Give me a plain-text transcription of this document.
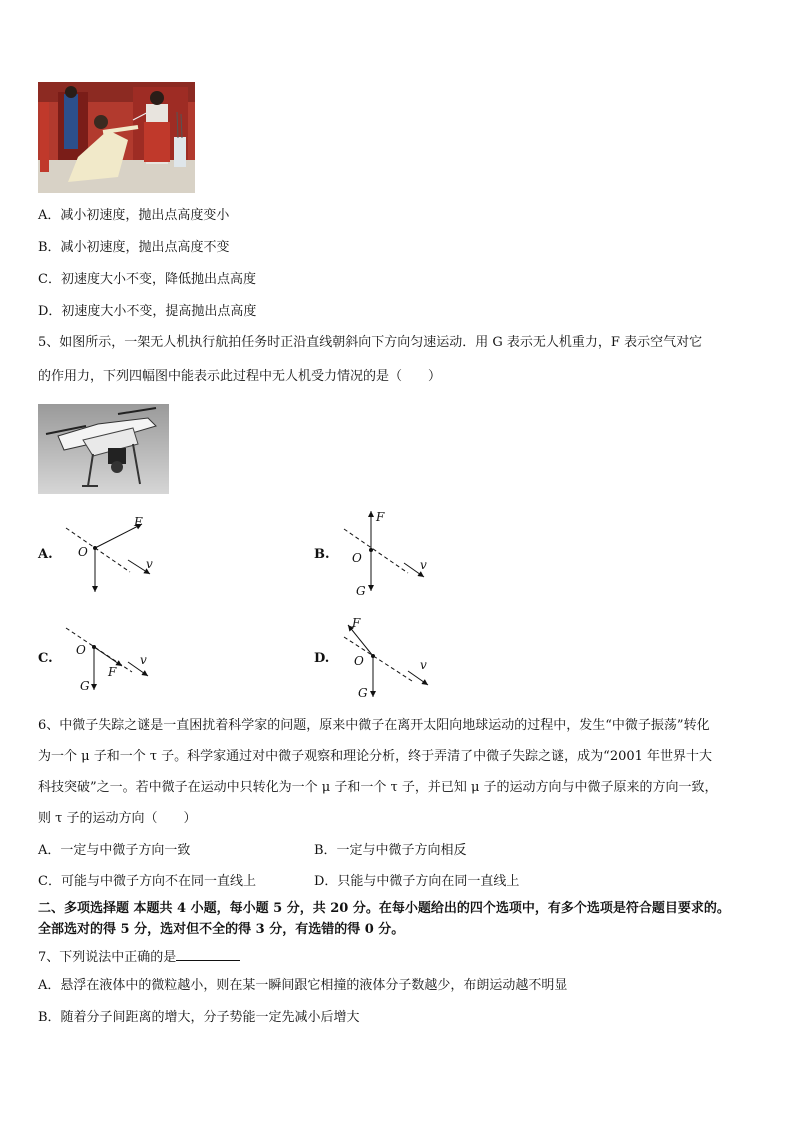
A．减小初速度，抛出点高度变小
B．减小初速度，抛出点高度不变
C．初速度大小不变，降低抛出点高度
D．初速度大小不变，提高抛出点高度
5、如图所示，一架无人机执行航拍任务时正沿直线朝斜向下方向匀速运动．用 G 表示无人机重力，F 表示空气对它
的作用力，下列四幅图中能表示此过程中无人机受力情况的是（　　）
A. O
F
v
B. O
F
G
v
C.
O
F
G
v	D. O
F
G
v
6、中微子失踪之谜是一直困扰着科学家的问题，原来中微子在离开太阳向地球运动的过程中，发生“中微子振荡”转化
为一个 μ 子和一个 τ 子。科学家通过对中微子观察和理论分析，终于弄清了中微子失踪之谜，成为“2001 年世界十大
科技突破”之一。若中微子在运动中只转化为一个 μ 子和一个 τ 子，并已知 μ 子的运动方向与中微子原来的方向一致，
则 τ 子的运动方向（　　）
A．一定与中微子方向一致	B．一定与中微子方向相反
C．可能与中微子方向不在同一直线上	D．只能与中微子方向在同一直线上
二、多项选择题 本题共 4 小题，每小题 5 分，共 20 分。在每小题给出的四个选项中，有多个选项是符合题目要求的。
全部选对的得 5 分，选对但不全的得 3 分，有选错的得 0 分。
7、下列说法中正确的是
A．悬浮在液体中的微粒越小，则在某一瞬间跟它相撞的液体分子数越少，布朗运动越不明显
B．随着分子间距离的增大，分子势能一定先减小后增大
